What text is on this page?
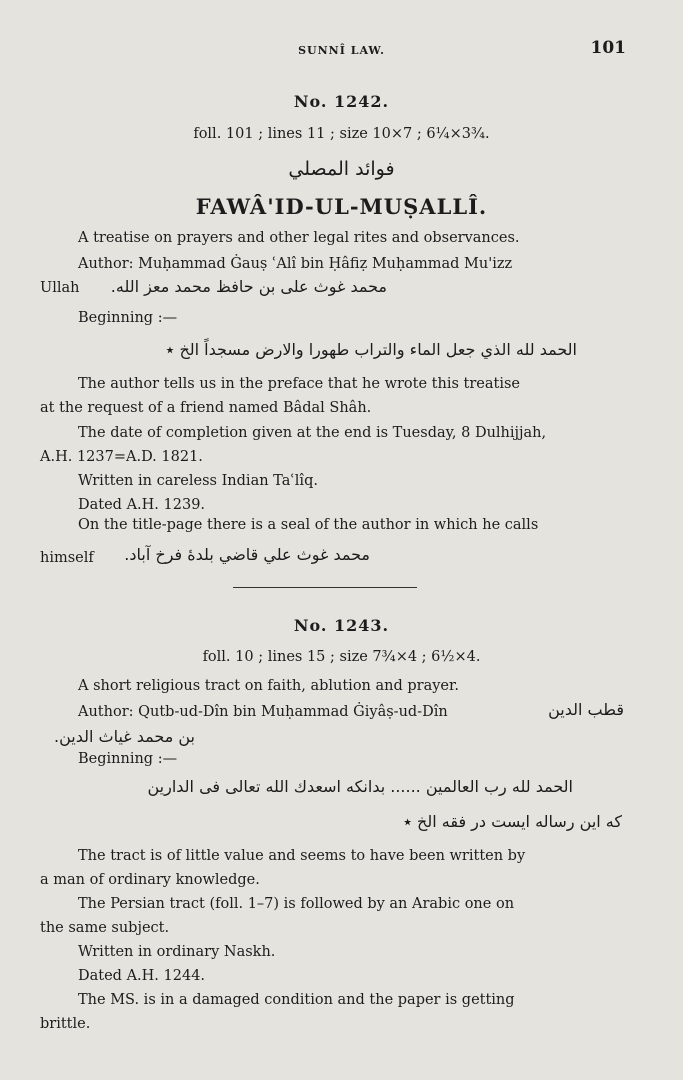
SUNNÎ LAW.	101

No. 1242.

foll. 101 ; lines 11 ; size 10×7 ; 6¼×3¾.

فوائد المصلي

FAWÂ'ID-UL-MUṢALLÎ.

A treatise on prayers and other legal rites and observances.

Author: Muḥammad Ġauṣ ʿAlî bin Ḥâfiẓ Muḥammad Mu'izz

Ullah محمد غوث علی بن حافظ محمد معز الله.

Beginning :—

الحمد لله الذي جعل الماء والتراب طهورا والارض مسجداً الخ ٭

The author tells us in the preface that he wrote this treatise

at the request of a friend named Bâdal Shâh.

The date of completion given at the end is Tuesday, 8 Dulhijjah,

A.H. 1237=A.D. 1821.

Written in careless Indian Taʿlîq.

Dated A.H. 1239.

On the title-page there is a seal of the author in which he calls

himself محمد غوث علي قاضي بلدهٔ فرخ آباد.

No. 1243.

foll. 10 ; lines 15 ; size 7¾×4 ; 6½×4.

A short religious tract on faith, ablution and prayer.

Author: Qutb-ud-Dîn bin Muḥammad Ġiyâṣ-ud-Dîn	قطب الدين

بن محمد غياث الدين.

Beginning :—

الحمد لله رب العالمين ...... بدانكه اسعدك الله تعالى فى الدارين

كه اين رساله ايست در فقه الخ ٭

The tract is of little value and seems to have been written by

a man of ordinary knowledge.

The Persian tract (foll. 1–7) is followed by an Arabic one on

the same subject.

Written in ordinary Naskh.

Dated A.H. 1244.

The MS. is in a damaged condition and the paper is getting

brittle.
